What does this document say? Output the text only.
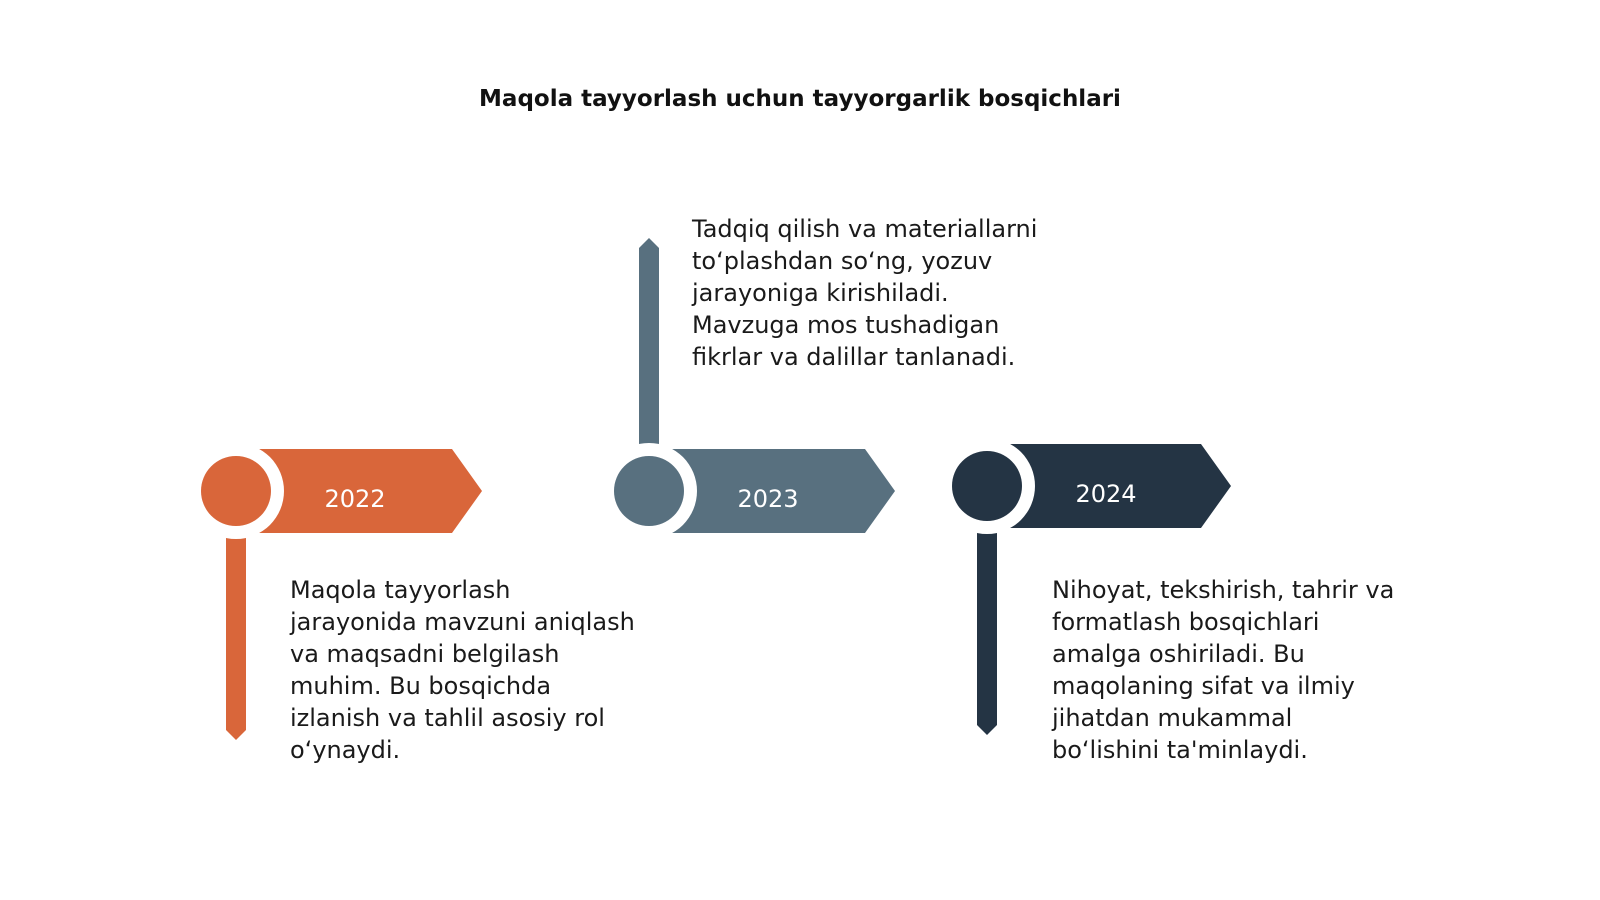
Maqola tayyorlash uchun tayyorgarlik bosqichlari
2022	2023	2024
Maqola tayyorlash jarayonida mavzuni aniqlash va maqsadni belgilash muhim. Bu bosqichda izlanish va tahlil asosiy rol o‘ynaydi.
Tadqiq qilish va materiallarni to‘plashdan so‘ng, yozuv jarayoniga kirishiladi. Mavzuga mos tushadigan fikrlar va dalillar tanlanadi.
Nihoyat, tekshirish, tahrir va formatlash bosqichlari amalga oshiriladi. Bu maqolaning sifat va ilmiy jihatdan mukammal bo‘lishini ta'minlaydi.
